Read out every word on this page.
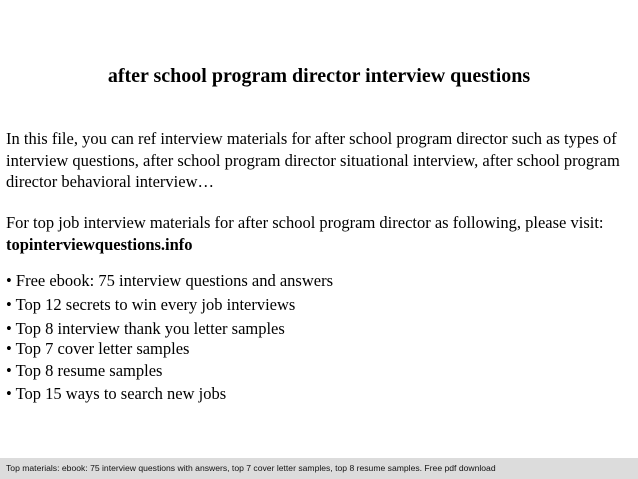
after school program director interview questions

In this file, you can ref interview materials for after school program director such as types of interview questions, after school program director situational interview, after school program director behavioral interview…

For top job interview materials for after school program director as following, please visit: topinterviewquestions.info

• Free ebook: 75 interview questions and answers
• Top 12 secrets to win every job interviews
• Top 8 interview thank you letter samples
• Top 7 cover letter samples
• Top 8 resume samples
• Top 15 ways to search new jobs
Top materials: ebook: 75 interview questions with answers, top 7 cover letter samples, top 8 resume samples. Free pdf download
